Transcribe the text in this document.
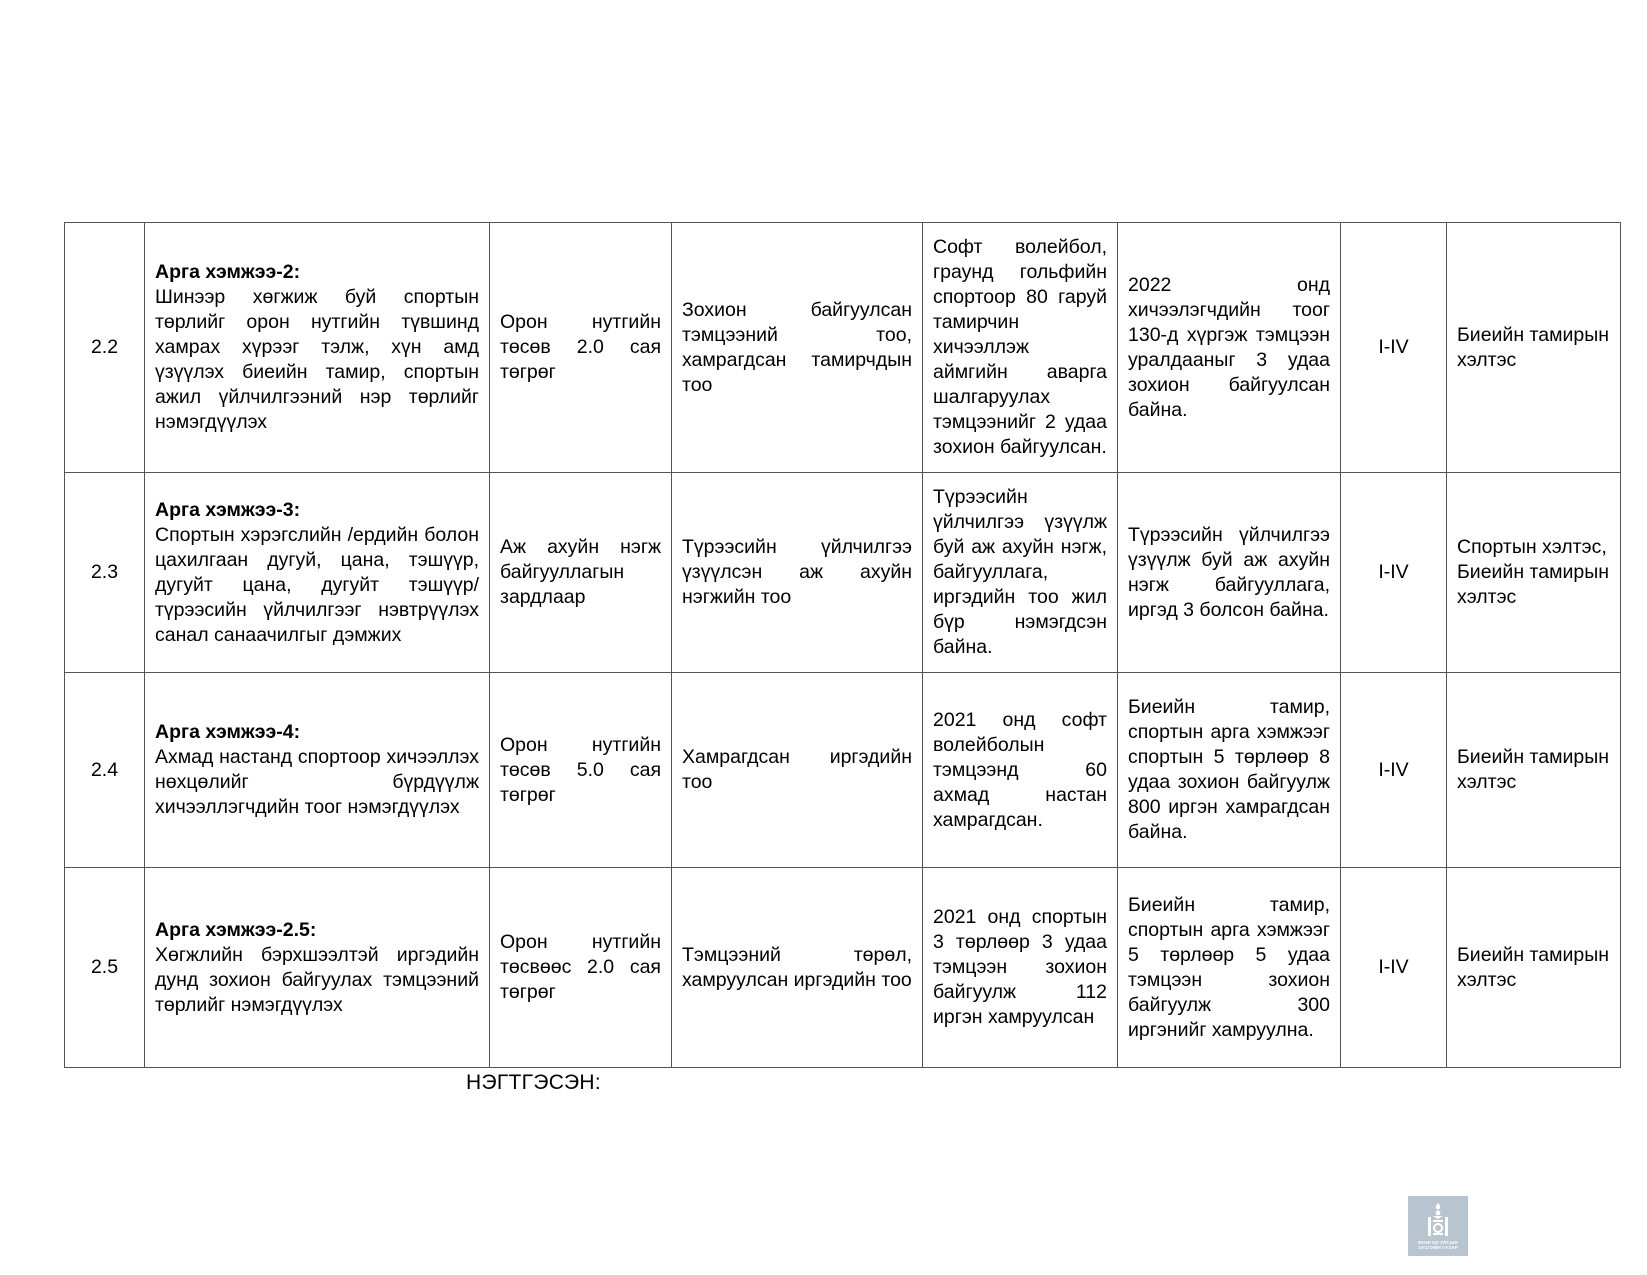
2.2	Арга хэмжээ-2:
Шинээр хөгжиж буй спортын төрлийг орон нутгийн түвшинд хамрах хүрээг тэлж, хүн амд үзүүлэх биеийн тамир, спортын ажил үйлчилгээний нэр төрлийг нэмэгдүүлэх	Орон нутгийн төсөв 2.0 сая төгрөг	Зохион байгуулсан тэмцээний тоо, хамрагдсан тамирчдын тоо	Софт волейбол, граунд гольфийн спортоор 80 гаруй тамирчин хичээллэж аймгийн аварга шалгаруулах тэмцээнийг 2 удаа зохион байгуулсан.	2022 онд хичээлэгчдийн тоог 130-д хүргэж тэмцээн уралдааныг 3 удаа зохион байгуулсан байна.	I-IV	Биеийн тамирын хэлтэс
2.3	Арга хэмжээ-3:
Спортын хэрэгслийн /ердийн болон цахилгаан дугуй, цана, тэшүүр, дугуйт цана, дугуйт тэшүүр/ түрээсийн үйлчилгээг нэвтрүүлэх санал санаачилгыг дэмжих	Аж ахуйн нэгж байгууллагын зардлаар	Түрээсийн үйлчилгээ үзүүлсэн аж ахуйн нэгжийн тоо	Түрээсийн үйлчилгээ үзүүлж буй аж ахуйн нэгж, байгууллага, иргэдийн тоо жил бүр нэмэгдсэн байна.	Түрээсийн үйлчилгээ үзүүлж буй аж ахуйн нэгж байгууллага, иргэд 3 болсон байна.	I-IV	Спортын хэлтэс, Биеийн тамирын хэлтэс
2.4	Арга хэмжээ-4:
Ахмад настанд спортоор хичээллэх нөхцөлийг бүрдүүлж хичээллэгчдийн тоог нэмэгдүүлэх	Орон нутгийн төсөв 5.0 сая төгрөг	Хамрагдсан иргэдийн тоо	2021 онд софт волейболын тэмцээнд 60 ахмад настан хамрагдсан.	Биеийн тамир, спортын арга хэмжээг спортын 5 төрлөөр 8 удаа зохион байгуулж 800 иргэн хамрагдсан байна.	I-IV	Биеийн тамирын хэлтэс
2.5	Арга хэмжээ-2.5:
Хөгжлийн бэрхшээлтэй иргэдийн дунд зохион байгуулах тэмцээний төрлийг нэмэгдүүлэх	Орон нутгийн төсвөөс 2.0 сая төгрөг	Тэмцээний төрөл, хамруулсан иргэдийн тоо	2021 онд спортын 3 төрлөөр 3 удаа тэмцээн зохион байгуулж 112 иргэн хамруулсан	Биеийн тамир, спортын арга хэмжээг 5 төрлөөр 5 удаа тэмцээн зохион байгуулж 300 иргэнийг хамруулна.	I-IV	Биеийн тамирын хэлтэс
НЭГТГЭСЭН:
МОНГОЛ УЛСЫН ЗАСГИЙН ГАЗАР
